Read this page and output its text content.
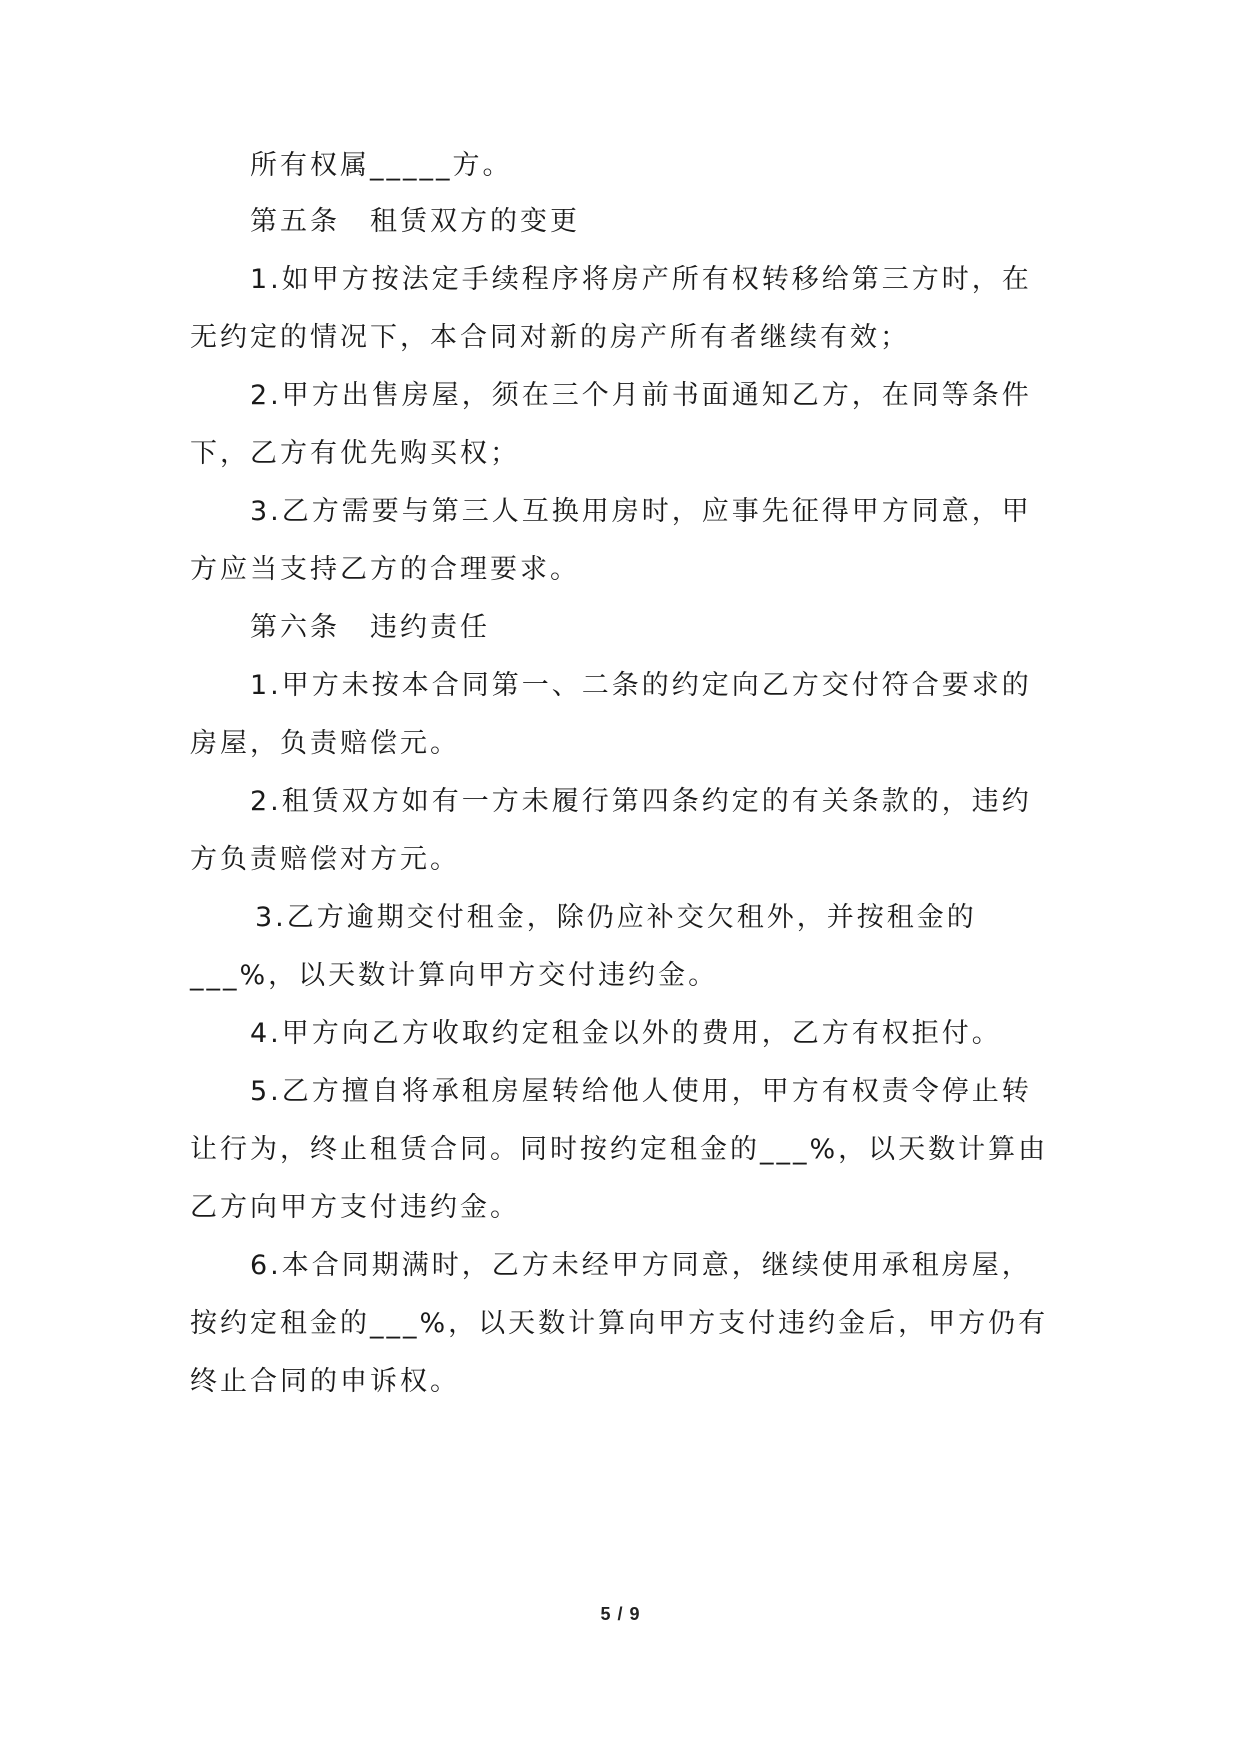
所有权属_____方。
第五条　租赁双方的变更
1.如甲方按法定手续程序将房产所有权转移给第三方时，在
无约定的情况下，本合同对新的房产所有者继续有效；
2.甲方出售房屋，须在三个月前书面通知乙方，在同等条件
下，乙方有优先购买权；
3.乙方需要与第三人互换用房时，应事先征得甲方同意，甲
方应当支持乙方的合理要求。
第六条　违约责任
1.甲方未按本合同第一、二条的约定向乙方交付符合要求的
房屋，负责赔偿元。
2.租赁双方如有一方未履行第四条约定的有关条款的，违约
方负责赔偿对方元。
3.乙方逾期交付租金，除仍应补交欠租外，并按租金的
___%，以天数计算向甲方交付违约金。
4.甲方向乙方收取约定租金以外的费用，乙方有权拒付。
5.乙方擅自将承租房屋转给他人使用，甲方有权责令停止转
让行为，终止租赁合同。同时按约定租金的___%，以天数计算由
乙方向甲方支付违约金。
6.本合同期满时，乙方未经甲方同意，继续使用承租房屋，
按约定租金的___%，以天数计算向甲方支付违约金后，甲方仍有
终止合同的申诉权。
5 / 9
